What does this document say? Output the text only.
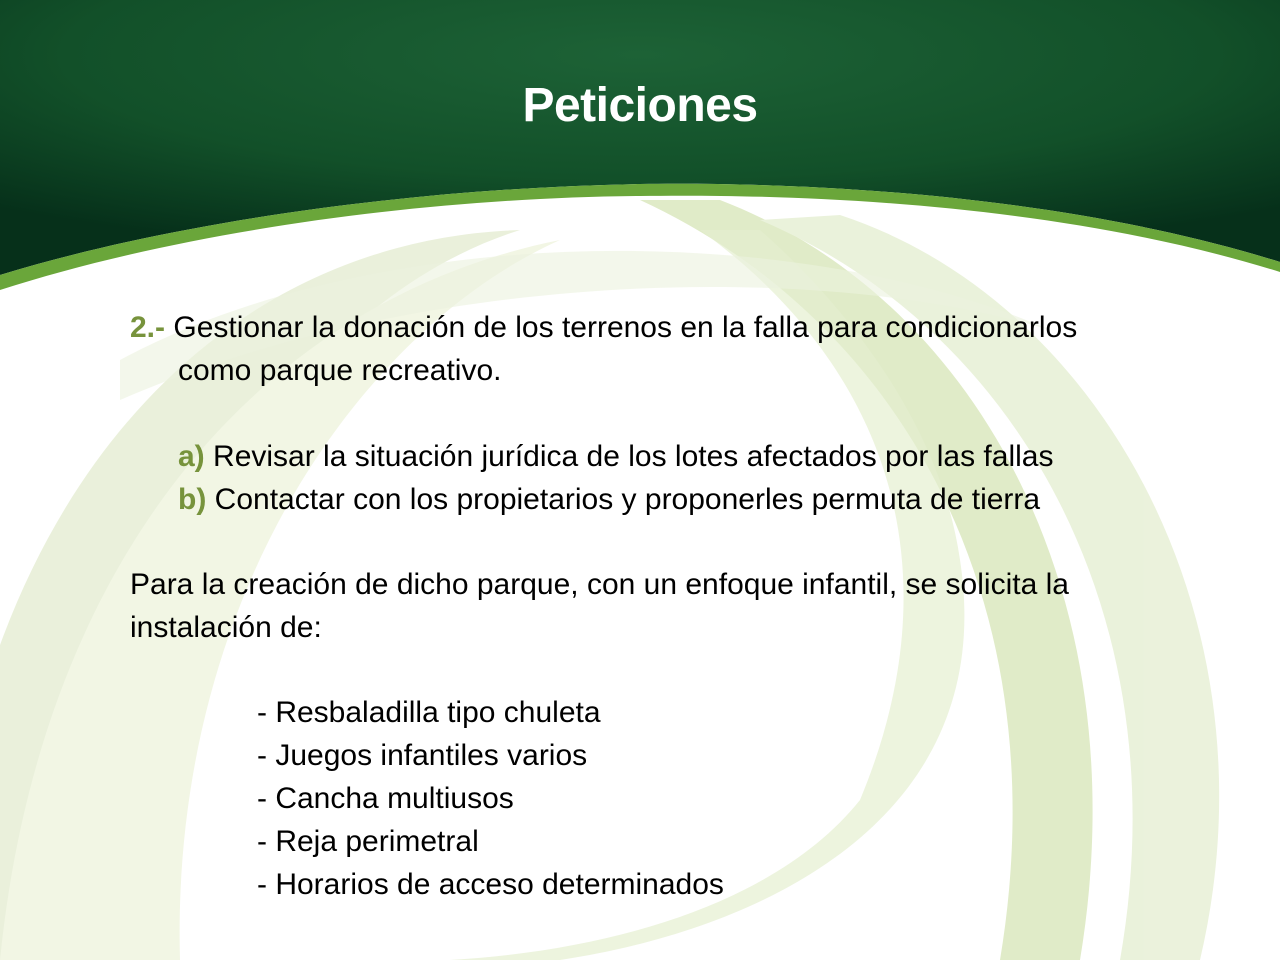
Peticiones
2.- Gestionar la donación de los terrenos en la falla para condicionarlos
como parque recreativo.
a) Revisar la situación jurídica de los lotes afectados por las fallas
b) Contactar con los propietarios y proponerles permuta de tierra
Para la creación de dicho parque, con un enfoque infantil, se solicita la
instalación de:
- Resbaladilla tipo chuleta
- Juegos infantiles varios
- Cancha multiusos
- Reja perimetral
- Horarios de acceso determinados
